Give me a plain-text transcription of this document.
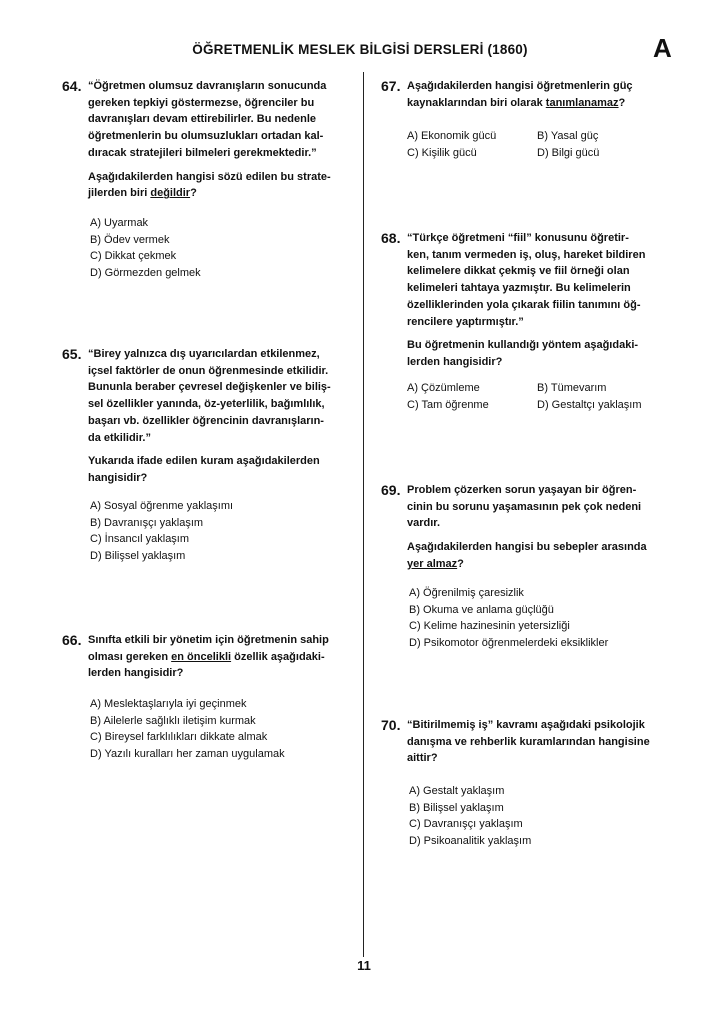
ÖĞRETMENLİK MESLEK BİLGİSİ DERSLERİ (1860)	A
64. “Öğretmen olumsuz davranışların sonucunda

gereken tepkiyi göstermezse, öğrenciler bu

davranışları devam ettirebilirler. Bu nedenle

öğretmenlerin bu olumsuzlukları ortadan kal-

dıracak stratejileri bilmeleri gerekmektedir.”

Aşağıdakilerden hangisi sözü edilen bu strate-

jilerden biri değildir?

A) Uyarmak
B) Ödev vermek
C) Dikkat çekmek
D) Görmezden gelmek
65. “Birey yalnızca dış uyarıcılardan etkilenmez,

içsel faktörler de onun öğrenmesinde etkilidir.

Bununla beraber çevresel değişkenler ve biliş-

sel özellikler yanında, öz-yeterlilik, bağımlılık,

başarı vb. özellikler öğrencinin davranışların-

da etkilidir.”

Yukarıda ifade edilen kuram aşağıdakilerden

hangisidir?

A) Sosyal öğrenme yaklaşımı
B) Davranışçı yaklaşım
C) İnsancıl yaklaşım
D) Bilişsel yaklaşım
66. Sınıfta etkili bir yönetim için öğretmenin sahip

olması gereken en öncelikli özellik aşağıdaki-

lerden hangisidir?

A) Meslektaşlarıyla iyi geçinmek
B) Ailelerle sağlıklı iletişim kurmak
C) Bireysel farklılıkları dikkate almak
D) Yazılı kuralları her zaman uygulamak
67. Aşağıdakilerden hangisi öğretmenlerin güç

kaynaklarından biri olarak tanımlanamaz?

A) Ekonomik gücü	B) Yasal güç
C) Kişilik gücü	D) Bilgi gücü
68. “Türkçe öğretmeni “fiil” konusunu öğretir-

ken, tanım vermeden iş, oluş, hareket bildiren

kelimelere dikkat çekmiş ve fiil örneği olan

kelimeleri tahtaya yazmıştır. Bu kelimelerin

özelliklerinden yola çıkarak fiilin tanımını öğ-

rencilere yaptırmıştır.”

Bu öğretmenin kullandığı yöntem aşağıdaki-

lerden hangisidir?

A) Çözümleme	B) Tümevarım
C) Tam öğrenme	D) Gestaltçı yaklaşım
69. Problem çözerken sorun yaşayan bir öğren-

cinin bu sorunu yaşamasının pek çok nedeni

vardır.

Aşağıdakilerden hangisi bu sebepler arasında

yer almaz?

A) Öğrenilmiş çaresizlik
B) Okuma ve anlama güçlüğü
C) Kelime hazinesinin yetersizliği
D) Psikomotor öğrenmelerdeki eksiklikler
70. “Bitirilmemiş iş” kavramı aşağıdaki psikolojik

danışma ve rehberlik kuramlarından hangisine

aittir?

A) Gestalt yaklaşım
B) Bilişsel yaklaşım
C) Davranışçı yaklaşım
D) Psikoanalitik yaklaşım
11
